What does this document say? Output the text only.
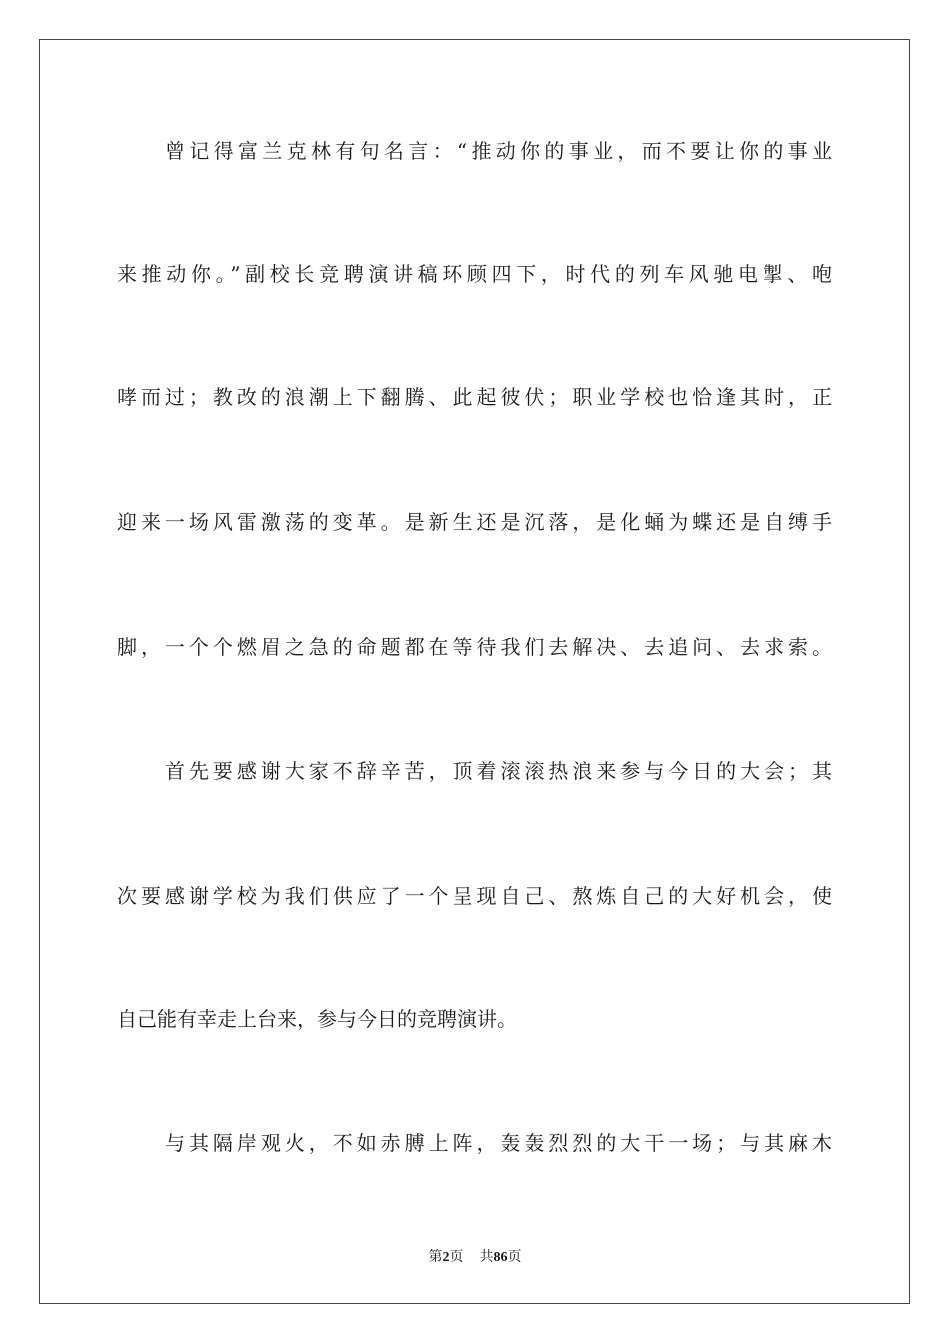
曾记得富兰克林有句名言：“推动你的事业，而不要让你的事业
来推动你。”副校长竞聘演讲稿环顾四下，时代的列车风驰电掣、咆
哮而过；教改的浪潮上下翻腾、此起彼伏；职业学校也恰逢其时，正
迎来一场风雷激荡的变革。是新生还是沉落，是化蛹为蝶还是自缚手
脚，一个个燃眉之急的命题都在等待我们去解决、去追问、去求索。
首先要感谢大家不辞辛苦，顶着滚滚热浪来参与今日的大会；其
次要感谢学校为我们供应了一个呈现自己、熬炼自己的大好机会，使
自己能有幸走上台来，参与今日的竞聘演讲。
与其隔岸观火，不如赤膊上阵，轰轰烈烈的大干一场；与其麻木
第2页 共86页
